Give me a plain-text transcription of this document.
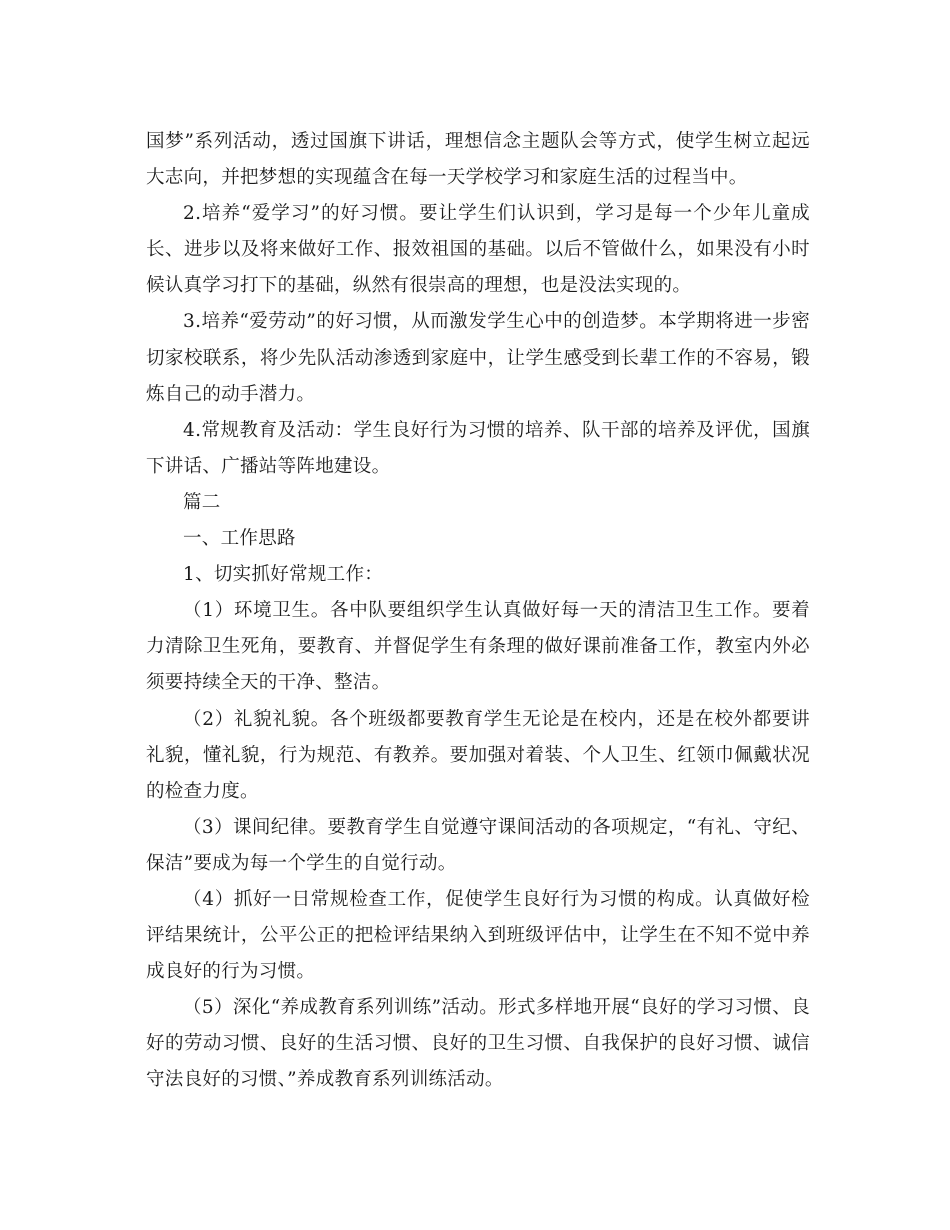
国梦”系列活动，透过国旗下讲话，理想信念主题队会等方式，使学生树立起远大志向，并把梦想的实现蕴含在每一天学校学习和家庭生活的过程当中。

2.培养“爱学习”的好习惯。要让学生们认识到，学习是每一个少年儿童成长、进步以及将来做好工作、报效祖国的基础。以后不管做什么，如果没有小时候认真学习打下的基础，纵然有很崇高的理想，也是没法实现的。

3.培养“爱劳动”的好习惯，从而激发学生心中的创造梦。本学期将进一步密切家校联系，将少先队活动渗透到家庭中，让学生感受到长辈工作的不容易，锻炼自己的动手潜力。

4.常规教育及活动：学生良好行为习惯的培养、队干部的培养及评优，国旗下讲话、广播站等阵地建设。

篇二

一、工作思路

1、切实抓好常规工作：

（1）环境卫生。各中队要组织学生认真做好每一天的清洁卫生工作。要着力清除卫生死角，要教育、并督促学生有条理的做好课前准备工作，教室内外必须要持续全天的干净、整洁。

（2）礼貌礼貌。各个班级都要教育学生无论是在校内，还是在校外都要讲礼貌，懂礼貌，行为规范、有教养。要加强对着装、个人卫生、红领巾佩戴状况的检查力度。

（3）课间纪律。要教育学生自觉遵守课间活动的各项规定，“有礼、守纪、保洁”要成为每一个学生的自觉行动。

（4）抓好一日常规检查工作，促使学生良好行为习惯的构成。认真做好检评结果统计，公平公正的把检评结果纳入到班级评估中，让学生在不知不觉中养成良好的行为习惯。

（5）深化“养成教育系列训练”活动。形式多样地开展“良好的学习习惯、良好的劳动习惯、良好的生活习惯、良好的卫生习惯、自我保护的良好习惯、诚信守法良好的习惯、”养成教育系列训练活动。
